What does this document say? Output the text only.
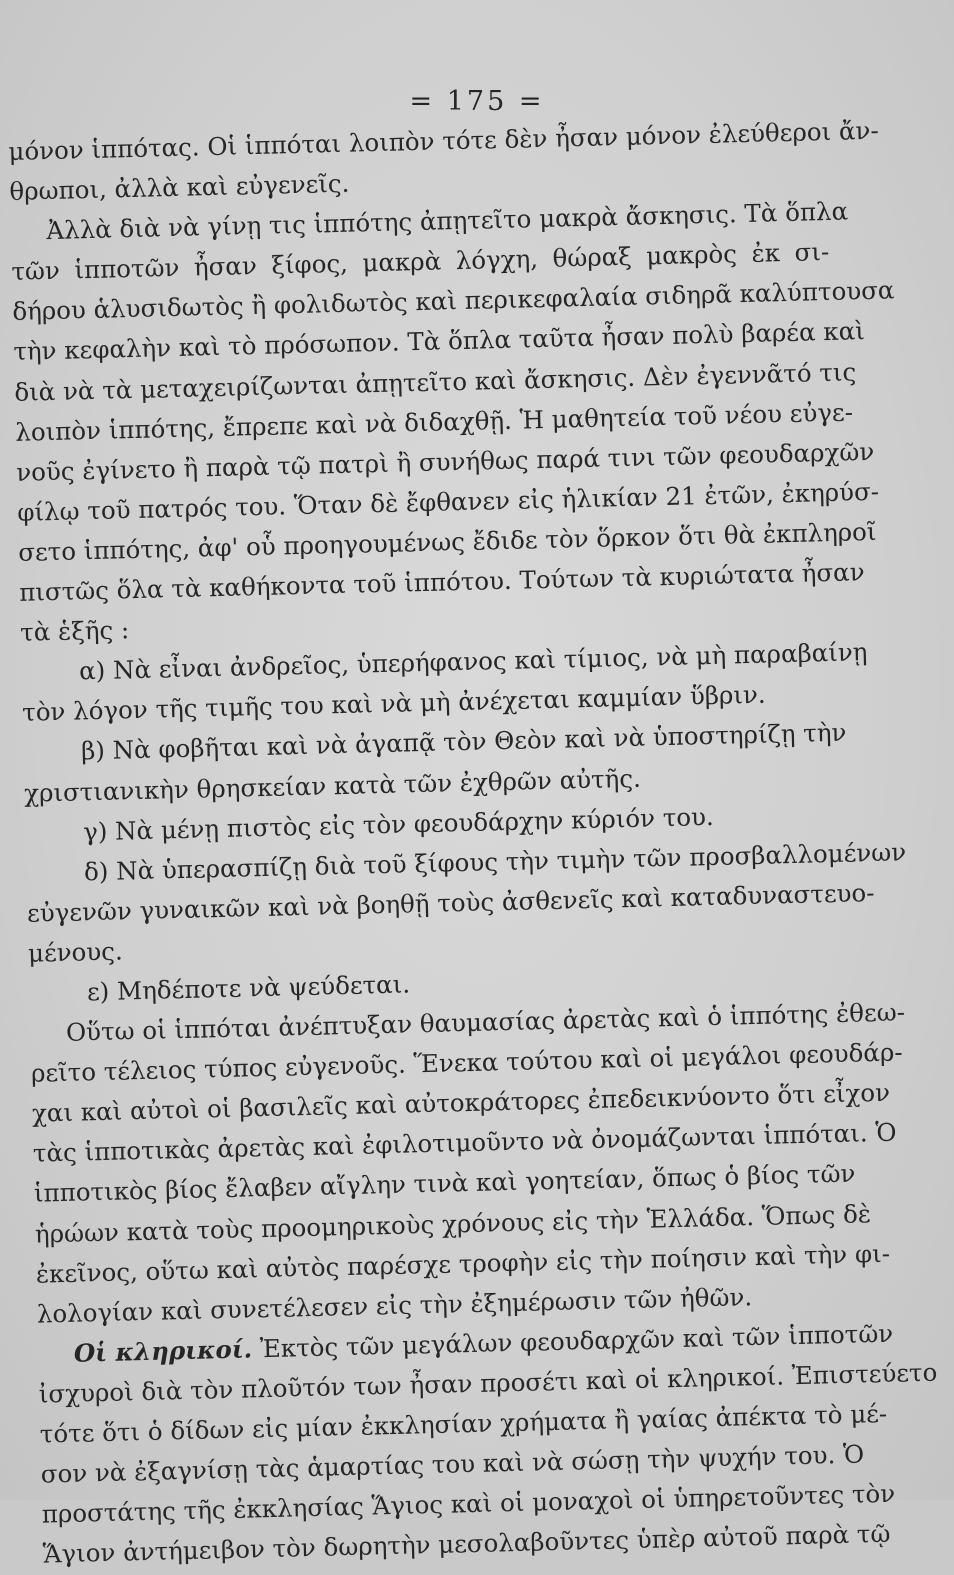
= 175 =
μόνον ἱππότας. Οἱ ἱππόται λοιπὸν τότε δὲν ἦσαν μόνον ἐλεύθεροι ἄν-
θρωποι, ἀλλὰ καὶ εὐγενεῖς.
Ἀλλὰ διὰ νὰ γίνῃ τις ἱππότης ἀπῃτεῖτο μακρὰ ἄσκησις. Τὰ ὅπλα
τῶν ἱπποτῶν ἦσαν ξίφος, μακρὰ λόγχη, θώραξ μακρὸς ἐκ σι-
δήρου ἁλυσιδωτὸς ἢ φολιδωτὸς καὶ περικεφαλαία σιδηρᾶ καλύπτουσα
τὴν κεφαλὴν καὶ τὸ πρόσωπον. Τὰ ὅπλα ταῦτα ἦσαν πολὺ βαρέα καὶ
διὰ νὰ τὰ μεταχειρίζωνται ἀπῃτεῖτο καὶ ἄσκησις. Δὲν ἐγεννᾶτό τις
λοιπὸν ἱππότης, ἔπρεπε καὶ νὰ διδαχθῇ. Ἡ μαθητεία τοῦ νέου εὐγε-
νοῦς ἐγίνετο ἢ παρὰ τῷ πατρὶ ἢ συνήθως παρά τινι τῶν φεουδαρχῶν
φίλῳ τοῦ πατρός του. Ὅταν δὲ ἔφθανεν εἰς ἡλικίαν 21 ἐτῶν, ἐκηρύσ-
σετο ἱππότης, ἀφ' οὗ προηγουμένως ἔδιδε τὸν ὅρκον ὅτι θὰ ἐκπληροῖ
πιστῶς ὅλα τὰ καθήκοντα τοῦ ἱππότου. Τούτων τὰ κυριώτατα ἦσαν
τὰ ἑξῆς :
α) Νὰ εἶναι ἀνδρεῖος, ὑπερήφανος καὶ τίμιος, νὰ μὴ παραβαίνῃ
τὸν λόγον τῆς τιμῆς του καὶ νὰ μὴ ἀνέχεται καμμίαν ὕβριν.
β) Νὰ φοβῆται καὶ νὰ ἀγαπᾷ τὸν Θεὸν καὶ νὰ ὑποστηρίζῃ τὴν
χριστιανικὴν θρησκείαν κατὰ τῶν ἐχθρῶν αὐτῆς.
γ) Νὰ μένῃ πιστὸς εἰς τὸν φεουδάρχην κύριόν του.
δ) Νὰ ὑπερασπίζῃ διὰ τοῦ ξίφους τὴν τιμὴν τῶν προσβαλλομένων
εὐγενῶν γυναικῶν καὶ νὰ βοηθῇ τοὺς ἀσθενεῖς καὶ καταδυναστευο-
μένους.
ε) Μηδέποτε νὰ ψεύδεται.
Οὕτω οἱ ἱππόται ἀνέπτυξαν θαυμασίας ἀρετὰς καὶ ὁ ἱππότης ἐθεω-
ρεῖτο τέλειος τύπος εὐγενοῦς. Ἕνεκα τούτου καὶ οἱ μεγάλοι φεουδάρ-
χαι καὶ αὐτοὶ οἱ βασιλεῖς καὶ αὐτοκράτορες ἐπεδεικνύοντο ὅτι εἶχον
τὰς ἱπποτικὰς ἀρετὰς καὶ ἐφιλοτιμοῦντο νὰ ὀνομάζωνται ἱππόται. Ὁ
ἱπποτικὸς βίος ἔλαβεν αἴγλην τινὰ καὶ γοητείαν, ὅπως ὁ βίος τῶν
ἡρώων κατὰ τοὺς προομηρικοὺς χρόνους εἰς τὴν Ἑλλάδα. Ὅπως δὲ
ἐκεῖνος, οὕτω καὶ αὐτὸς παρέσχε τροφὴν εἰς τὴν ποίησιν καὶ τὴν φι-
λολογίαν καὶ συνετέλεσεν εἰς τὴν ἐξημέρωσιν τῶν ἠθῶν.
Οἱ κληρικοί. Ἐκτὸς τῶν μεγάλων φεουδαρχῶν καὶ τῶν ἱπποτῶν
ἰσχυροὶ διὰ τὸν πλοῦτόν των ἦσαν προσέτι καὶ οἱ κληρικοί. Ἐπιστεύετο
τότε ὅτι ὁ δίδων εἰς μίαν ἐκκλησίαν χρήματα ἢ γαίας ἀπέκτα τὸ μέ-
σον νὰ ἐξαγνίσῃ τὰς ἁμαρτίας του καὶ νὰ σώσῃ τὴν ψυχήν του. Ὁ
προστάτης τῆς ἐκκλησίας Ἅγιος καὶ οἱ μοναχοὶ οἱ ὑπηρετοῦντες τὸν
Ἅγιον ἀντήμειβον τὸν δωρητὴν μεσολαβοῦντες ὑπὲρ αὐτοῦ παρὰ τῷ
